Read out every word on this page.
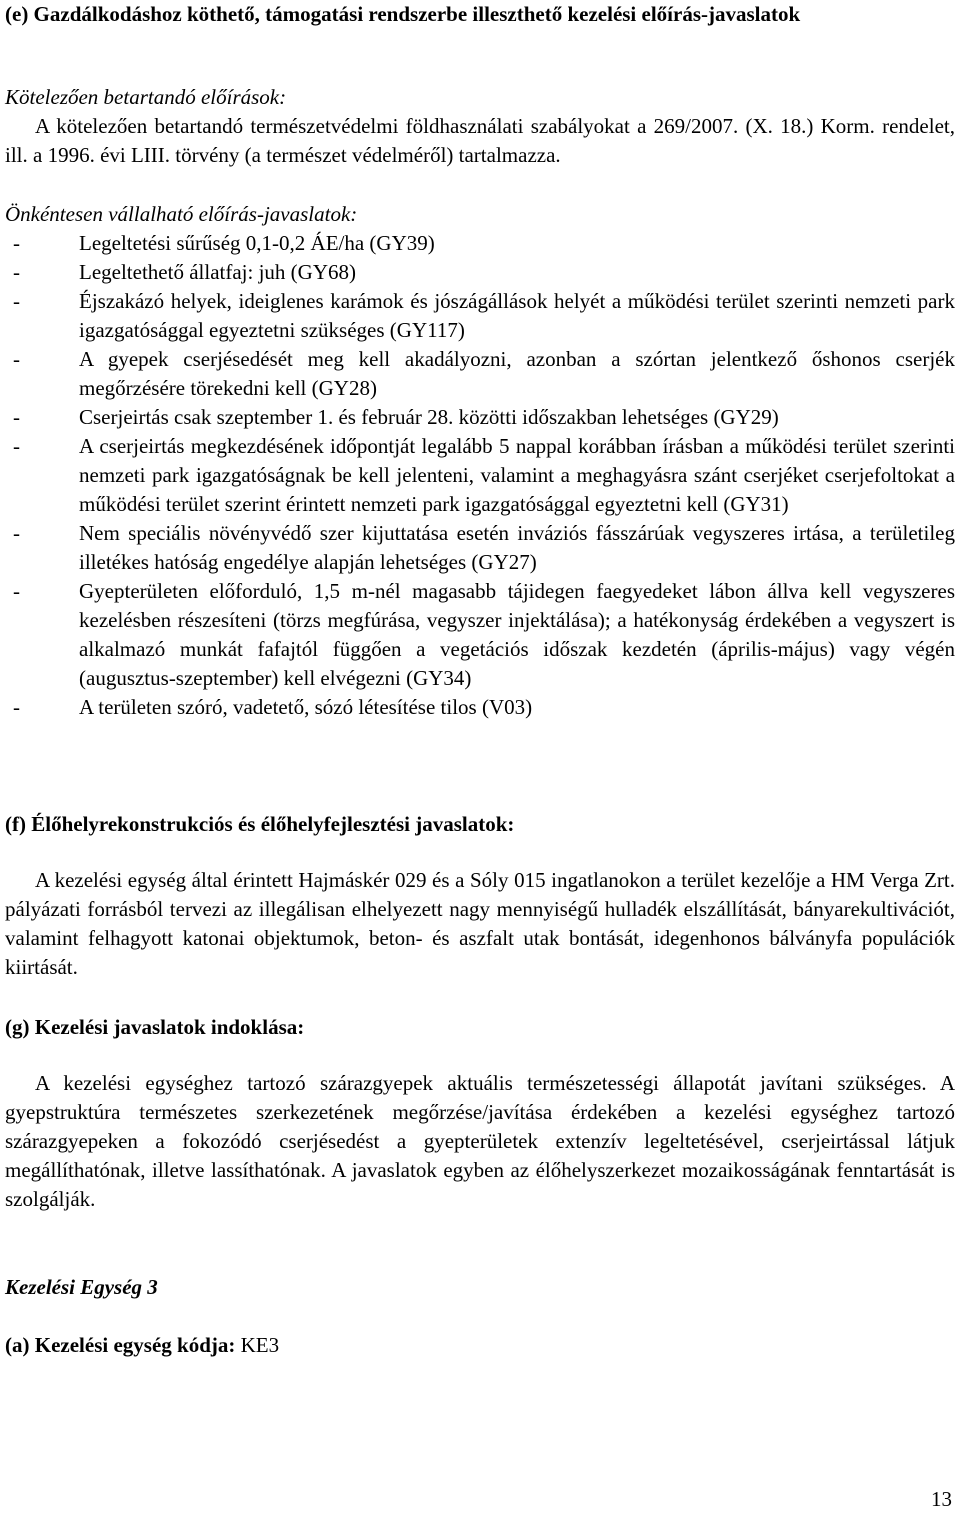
(e) Gazdálkodáshoz köthető, támogatási rendszerbe illeszthető kezelési előírás-javaslatok

Kötelezően betartandó előírások:

A kötelezően betartandó természetvédelmi földhasználati szabályokat a 269/2007. (X. 18.) Korm. rendelet, ill. a 1996. évi LIII. törvény (a természet védelméről) tartalmazza.

Önkéntesen vállalható előírás-javaslatok:

-	Legeltetési sűrűség 0,1-0,2 ÁE/ha (GY39)
-	Legeltethető állatfaj: juh (GY68)
-	Éjszakázó helyek, ideiglenes karámok és jószágállások helyét a működési terület szerinti nemzeti park igazgatósággal egyeztetni szükséges (GY117)
-	A gyepek cserjésedését meg kell akadályozni, azonban a szórtan jelentkező őshonos cserjék megőrzésére törekedni kell (GY28)
-	Cserjeirtás csak szeptember 1. és február 28. közötti időszakban lehetséges (GY29)
-	A cserjeirtás megkezdésének időpontját legalább 5 nappal korábban írásban a működési terület szerinti nemzeti park igazgatóságnak be kell jelenteni, valamint a meghagyásra szánt cserjéket cserjefoltokat a működési terület szerint érintett nemzeti park igazgatósággal egyeztetni kell (GY31)
-	Nem speciális növényvédő szer kijuttatása esetén inváziós fásszárúak vegyszeres irtása, a területileg illetékes hatóság engedélye alapján lehetséges (GY27)
-	Gyepterületen előforduló, 1,5 m-nél magasabb tájidegen faegyedeket lábon állva kell vegyszeres kezelésben részesíteni (törzs megfúrása, vegyszer injektálása); a hatékonyság érdekében a vegyszert is alkalmazó munkát fafajtól függően a vegetációs időszak kezdetén (április-május) vagy végén (augusztus-szeptember) kell elvégezni (GY34)
-	A területen szóró, vadetető, sózó létesítése tilos (V03)

(f) Élőhelyrekonstrukciós és élőhelyfejlesztési javaslatok:

A kezelési egység által érintett Hajmáskér 029 és a Sóly 015 ingatlanokon a terület kezelője a HM Verga Zrt. pályázati forrásból tervezi az illegálisan elhelyezett nagy mennyiségű hulladék elszállítását, bányarekultivációt, valamint felhagyott katonai objektumok, beton- és aszfalt utak bontását, idegenhonos bálványfa populációk kiirtását.

(g) Kezelési javaslatok indoklása:

A kezelési egységhez tartozó szárazgyepek aktuális természetességi állapotát javítani szükséges. A gyepstruktúra természetes szerkezetének megőrzése/javítása érdekében a kezelési egységhez tartozó szárazgyepeken a fokozódó cserjésedést a gyepterületek extenzív legeltetésével, cserjeirtással látjuk megállíthatónak, illetve lassíthatónak. A javaslatok egyben az élőhelyszerkezet mozaikosságának fenntartását is szolgálják.

Kezelési Egység 3

(a) Kezelési egység kódja: KE3

13
